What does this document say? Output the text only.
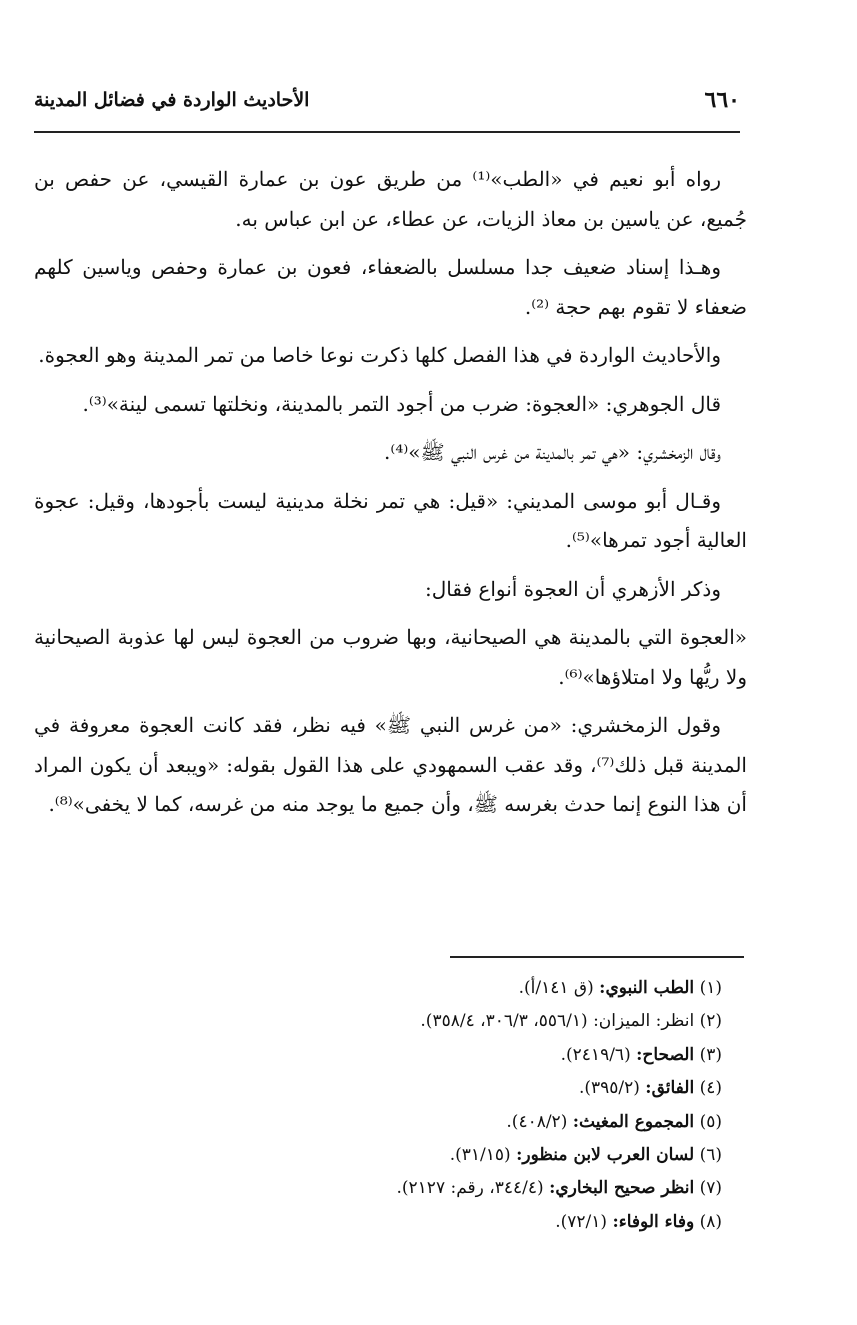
٦٦٠
الأحاديث الواردة في فضائل المدينة

رواه أبو نعيم في «الطب»⁽¹⁾ من طريق عون بن عمارة القيسي، عن حفص بن جُميع، عن ياسين بن معاذ الزيات، عن عطاء، عن ابن عباس به.

وهـذا إسناد ضعيف جدا مسلسل بالضعفاء، فعون بن عمارة وحفص وياسين كلهم ضعفاء لا تقوم بهم حجة ⁽²⁾.

والأحاديث الواردة في هذا الفصل كلها ذكرت نوعا خاصا من تمر المدينة وهو العجوة.

قال الجوهري: «العجوة: ضرب من أجود التمر بالمدينة، ونخلتها تسمى لينة»⁽³⁾.

وقال الزمخشري: «هي تمر بالمدينة من غرس النبي ﷺ»⁽⁴⁾.

وقـال أبو موسى المديني: «قيل: هي تمر نخلة مدينية ليست بأجودها، وقيل: عجوة العالية أجود تمرها»⁽⁵⁾.

وذكر الأزهري أن العجوة أنواع فقال:

«العجوة التي بالمدينة هي الصيحانية، وبها ضروب من العجوة ليس لها عذوبة الصيحانية ولا ريُّها ولا امتلاؤها»⁽⁶⁾.

وقول الزمخشري: «من غرس النبي ﷺ» فيه نظر، فقد كانت العجوة معروفة في المدينة قبل ذلك⁽⁷⁾، وقد عقب السمهودي على هذا القول بقوله: «ويبعد أن يكون المراد أن هذا النوع إنما حدث بغرسه ﷺ، وأن جميع ما يوجد منه من غرسه، كما لا يخفى»⁽⁸⁾.

(١) الطب النبوي: (ق ١٤١/أ).

(٢) انظر: الميزان: (٥٥٦/١، ٣٠٦/٣، ٣٥٨/٤).

(٣) الصحاح: (٢٤١٩/٦).

(٤) الفائق: (٣٩٥/٢).

(٥) المجموع المغيث: (٤٠٨/٢).

(٦) لسان العرب لابن منظور: (٣١/١٥).

(٧) انظر صحيح البخاري: (٣٤٤/٤، رقم: ٢١٢٧).

(٨) وفاء الوفاء: (٧٢/١).
